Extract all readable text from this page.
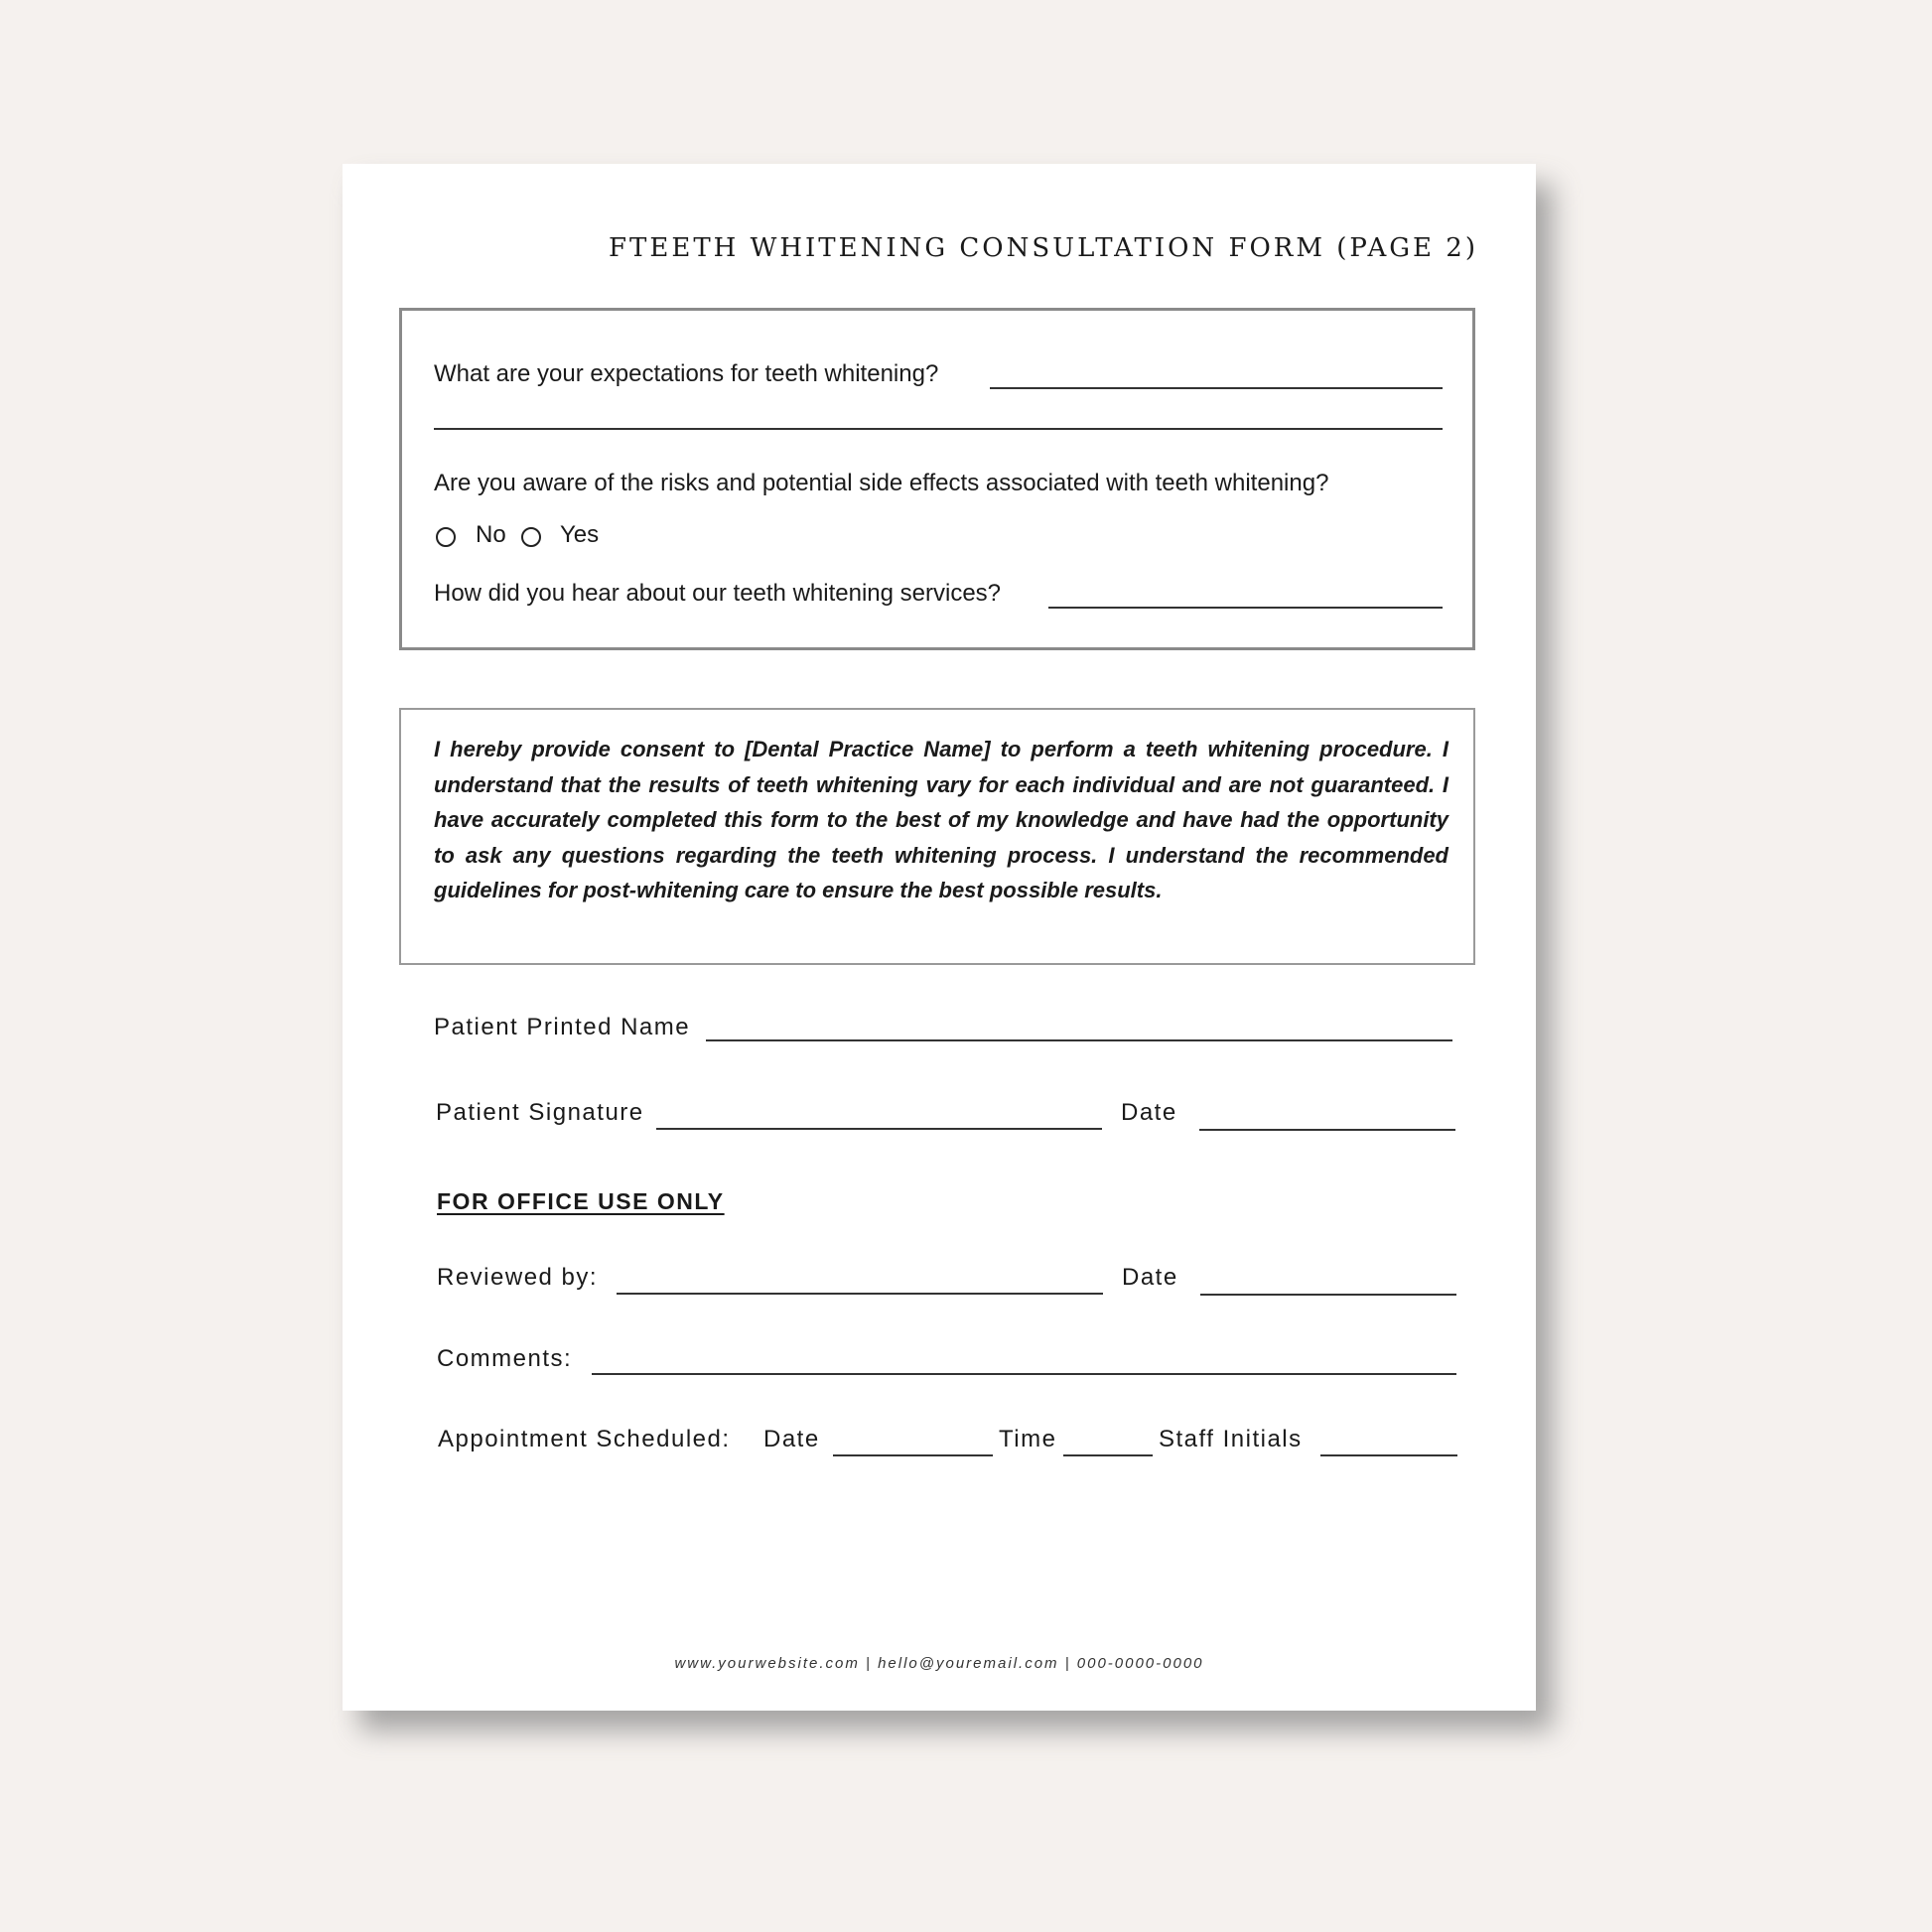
FTEETH WHITENING CONSULTATION FORM (PAGE 2)
What are your expectations for teeth whitening?
Are you aware of the risks and potential side effects associated with teeth whitening?
No Yes
How did you hear about our teeth whitening services?

I hereby provide consent to [Dental Practice Name] to perform a teeth whitening procedure. I understand that the results of teeth whitening vary for each individual and are not guaranteed. I have accurately completed this form to the best of my knowledge and have had the opportunity to ask any questions regarding the teeth whitening process. I understand the recommended guidelines for post-whitening care to ensure the best possible results.

Patient Printed Name
Patient Signature	Date
FOR OFFICE USE ONLY
Reviewed by:	Date
Comments:
Appointment Scheduled: Date	Time	Staff Initials
www.yourwebsite.com | hello@youremail.com | 000-0000-0000
